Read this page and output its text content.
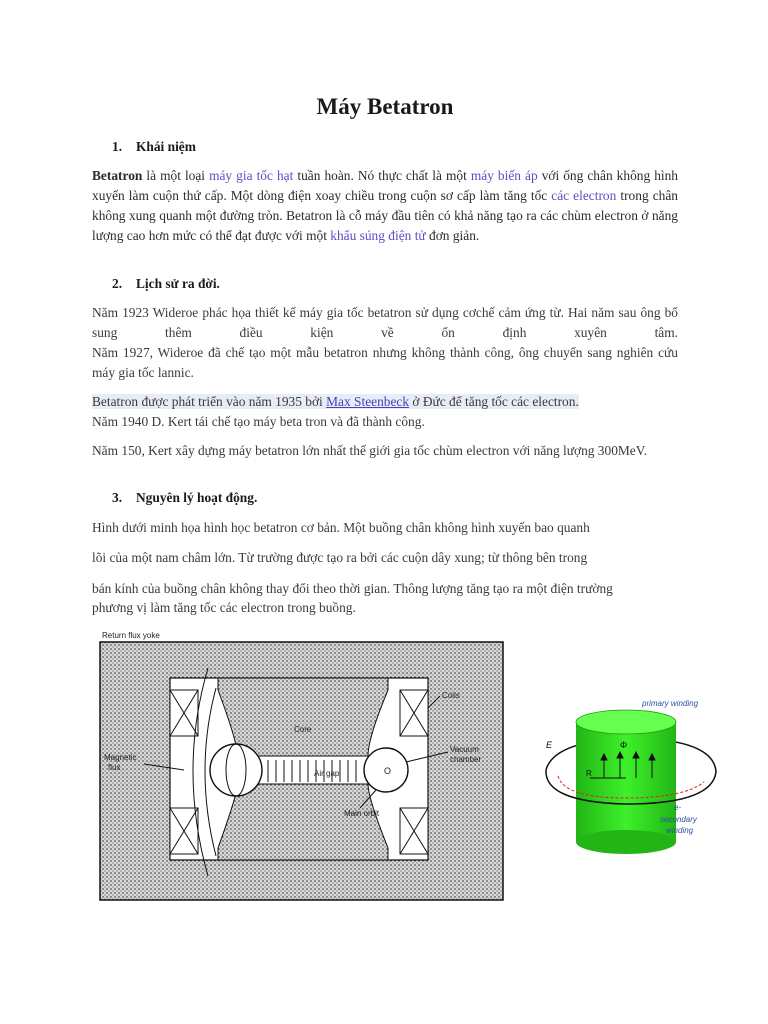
Máy Betatron
1. Khái niệm

Betatron là một loại máy gia tốc hạt tuần hoàn. Nó thực chất là một máy biến áp với ống chân không hình xuyến làm cuộn thứ cấp. Một dòng điện xoay chiều trong cuộn sơ cấp làm tăng tốc các electron trong chân không xung quanh một đường tròn. Betatron là cỗ máy đầu tiên có khả năng tạo ra các chùm electron ở năng lượng cao hơn mức có thể đạt được với một khẩu súng điện tử đơn giản.

2. Lịch sử ra đời.

Năm 1923 Wideroe phác họa thiết kế máy gia tốc betatron sử dụng cơchế cảm ứng từ. Hai năm sau ông bổ sung thêm điều kiện về ổn định xuyên tâm.

Năm 1927, Wideroe đã chế tạo một mẫu betatron nhưng không thành công, ông chuyển sang nghiên cứu máy gia tốc lannic.

Betatron được phát triển vào năm 1935 bởi Max Steenbeck ở Đức để tăng tốc các electron.
Năm 1940 D. Kert tái chế tạo máy beta tron và đã thành công.

Năm 150, Kert xây dựng máy betatron lớn nhất thế giới gia tốc chùm electron với năng lượng 300MeV.

3. Nguyên lý hoạt động.

Hình dưới minh họa hình học betatron cơ bản. Một buồng chân không hình xuyến bao quanh

lõi của một nam châm lớn. Từ trường được tạo ra bởi các cuộn dây xung; từ thông bên trong

bán kính của buồng chân không thay đổi theo thời gian. Thông lượng tăng tạo ra một điện trường

phương vị làm tăng tốc các electron trong buồng.

Return flux yoke
Core
Coils
Vacuum
chamber
Magnetic
flux
Air gap	O
Main orbit
primary winding
Φ
E
R
e-
secondary
winding
